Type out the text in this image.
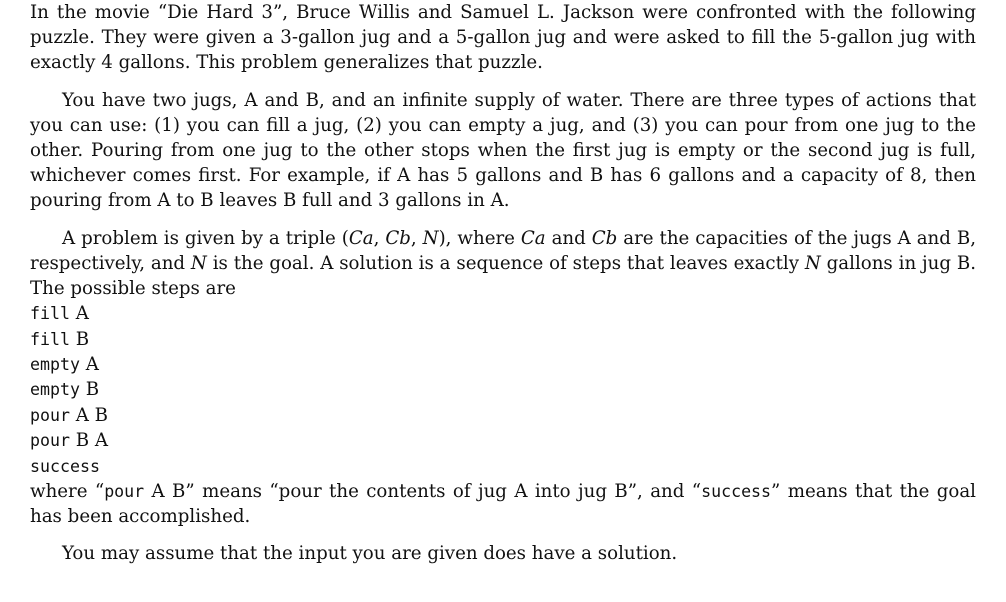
In the movie “Die Hard 3”, Bruce Willis and Samuel L. Jackson were confronted with the following puzzle. They were given a 3-gallon jug and a 5-gallon jug and were asked to fill the 5-gallon jug with exactly 4 gallons. This problem generalizes that puzzle.

You have two jugs, A and B, and an infinite supply of water. There are three types of actions that you can use: (1) you can fill a jug, (2) you can empty a jug, and (3) you can pour from one jug to the other. Pouring from one jug to the other stops when the first jug is empty or the second jug is full, whichever comes first. For example, if A has 5 gallons and B has 6 gallons and a capacity of 8, then pouring from A to B leaves B full and 3 gallons in A.

A problem is given by a triple (Ca, Cb, N), where Ca and Cb are the capacities of the jugs A and B, respectively, and N is the goal. A solution is a sequence of steps that leaves exactly N gallons in jug B. The possible steps are

fill A
fill B
empty A
empty B
pour A B
pour B A
success

where “pour A B” means “pour the contents of jug A into jug B”, and “success” means that the goal has been accomplished.

You may assume that the input you are given does have a solution.
